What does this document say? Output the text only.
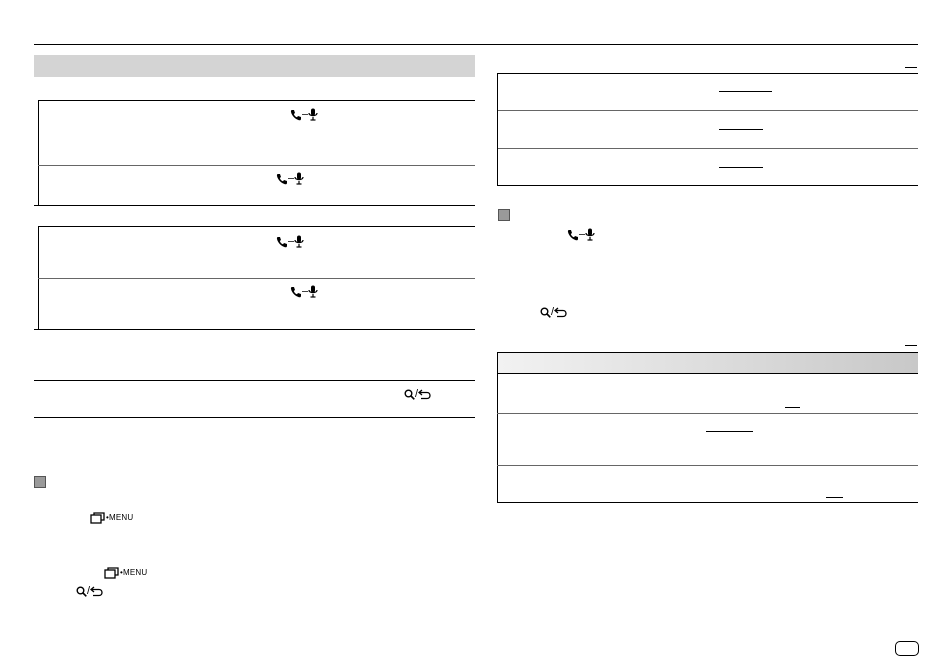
–
–
–
–
/
•MENU
•MENU
/
–
/
